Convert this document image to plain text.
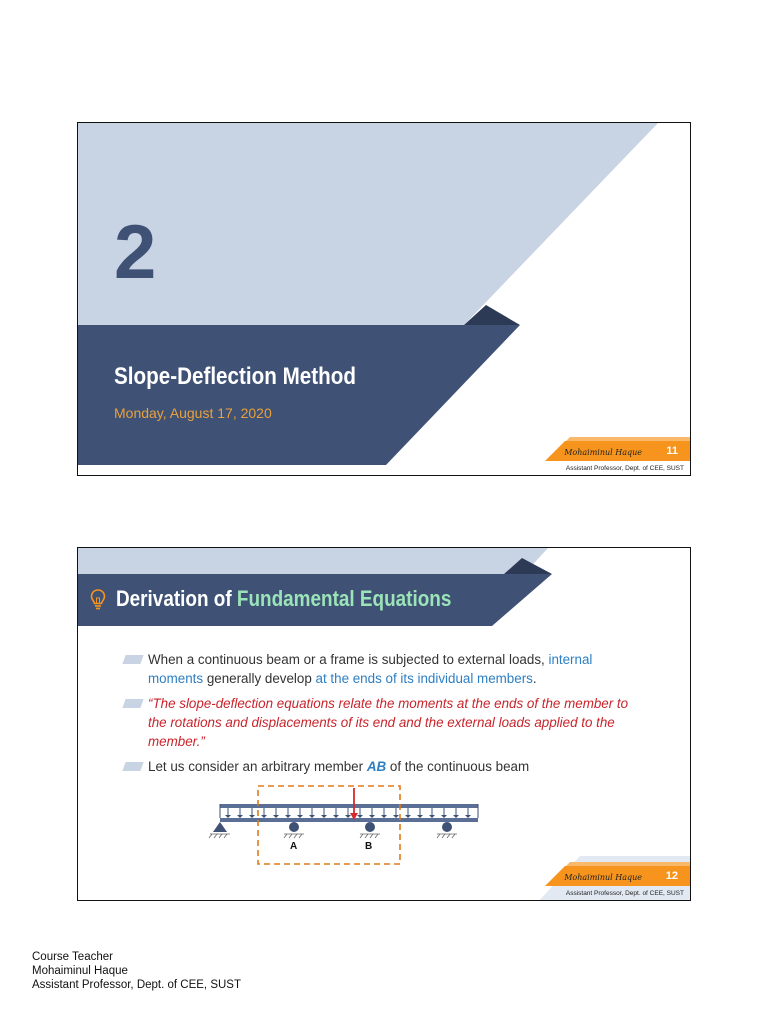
2
Slope-Deflection Method
Monday, August 17, 2020
Mohaiminul Haque 11
Assistant Professor, Dept. of CEE, SUST
Derivation of Fundamental Equations
When a continuous beam or a frame is subjected to external loads, internal moments generally develop at the ends of its individual members.
“The slope-deflection equations relate the moments at the ends of the member to the rotations and displacements of its end and the external loads applied to the member.”
Let us consider an arbitrary member AB of the continuous beam
A	B
Mohaiminul Haque 12
Assistant Professor, Dept. of CEE, SUST
Course Teacher
Mohaiminul Haque
Assistant Professor, Dept. of CEE, SUST
